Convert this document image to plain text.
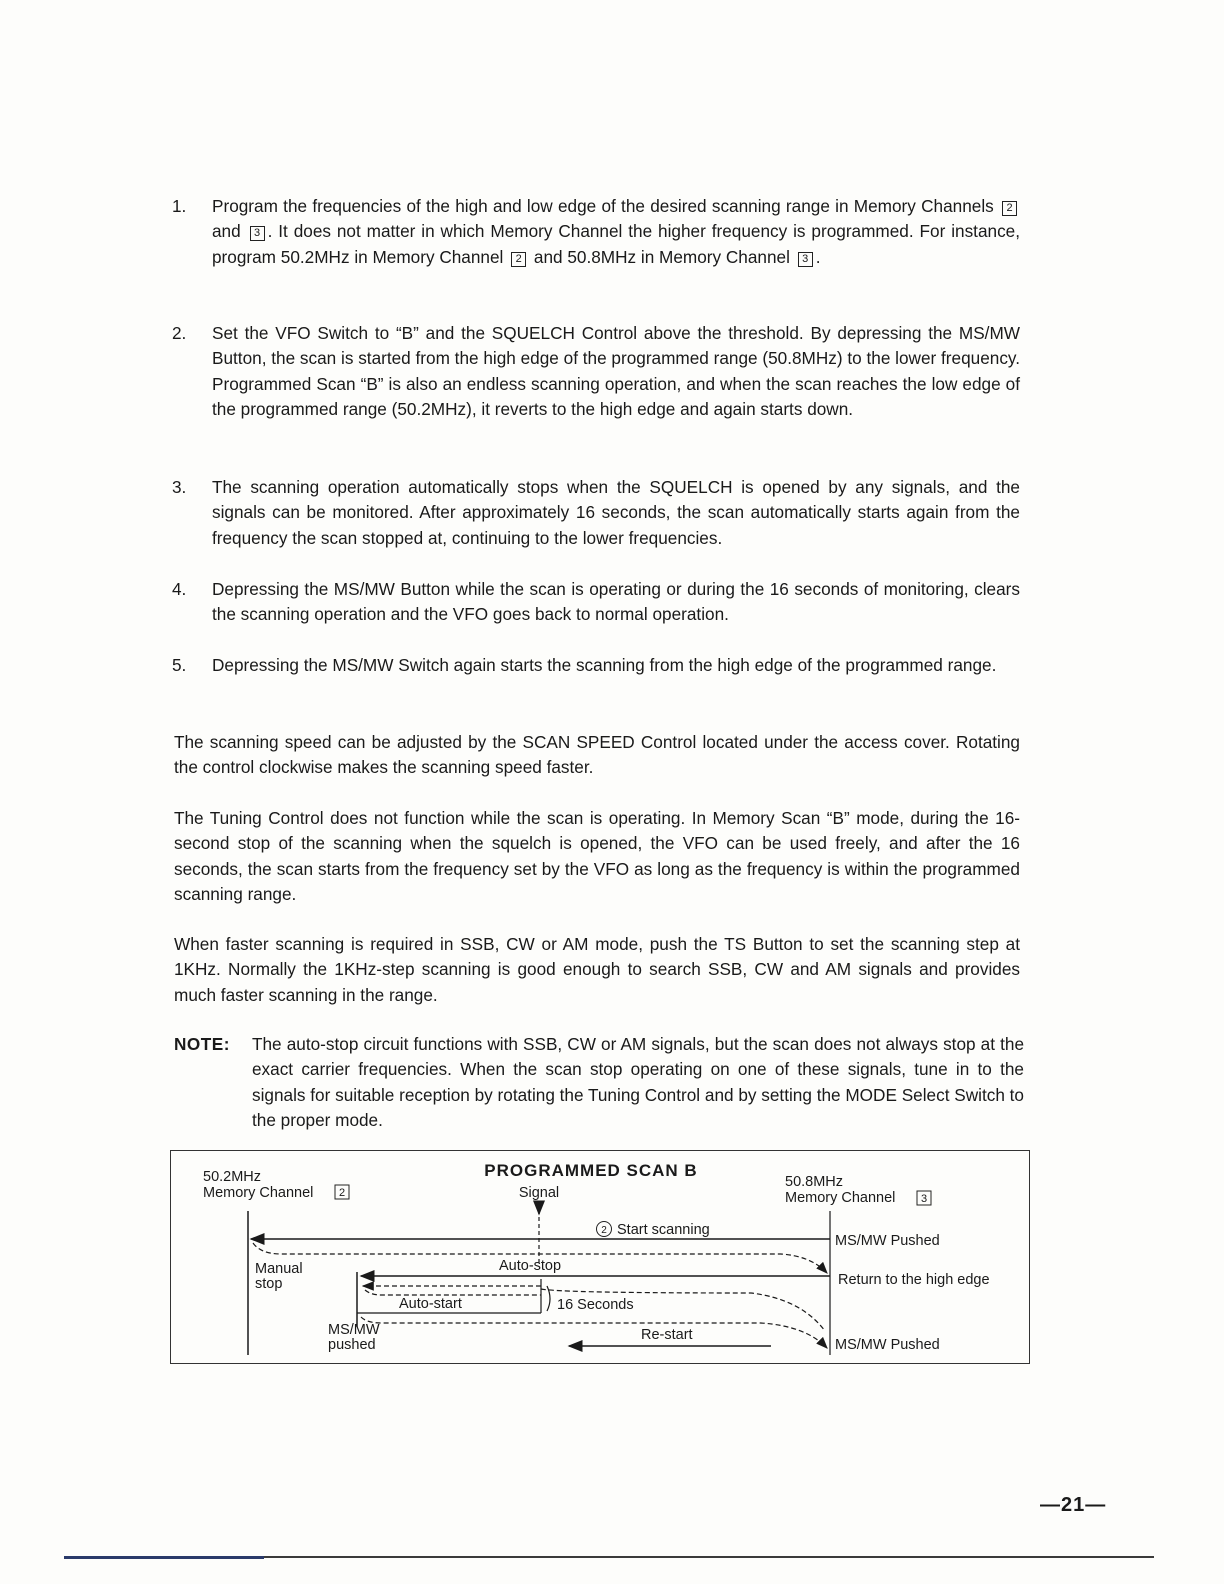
1. Program the frequencies of the high and low edge of the desired scanning range in Memory Channels 2 and 3 . It does not matter in which Memory Channel the higher frequency is programmed. For instance, program 50.2MHz in Memory Channel 2 and 50.8MHz in Memory Channel 3 .
2. Set the VFO Switch to “B” and the SQUELCH Control above the threshold. By depressing the MS/MW Button, the scan is started from the high edge of the programmed range (50.8MHz) to the lower frequency. Programmed Scan “B” is also an endless scanning operation, and when the scan reaches the low edge of the programmed range (50.2MHz), it reverts to the high edge and again starts down.
3. The scanning operation automatically stops when the SQUELCH is opened by any signals, and the signals can be monitored. After approximately 16 seconds, the scan automatically starts again from the frequency the scan stopped at, continuing to the lower frequencies.
4. Depressing the MS/MW Button while the scan is operating or during the 16 seconds of monitoring, clears the scanning operation and the VFO goes back to normal operation.
5. Depressing the MS/MW Switch again starts the scanning from the high edge of the programmed range.
The scanning speed can be adjusted by the SCAN SPEED Control located under the access cover. Rotating the control clockwise makes the scanning speed faster.
The Tuning Control does not function while the scan is operating. In Memory Scan “B” mode, during the 16-second stop of the scanning when the squelch is opened, the VFO can be used freely, and after the 16 seconds, the scan starts from the frequency set by the VFO as long as the frequency is within the programmed scanning range.
When faster scanning is required in SSB, CW or AM mode, push the TS Button to set the scanning step at 1KHz. Normally the 1KHz-step scanning is good enough to search SSB, CW and AM signals and provides much faster scanning in the range.
NOTE: The auto-stop circuit functions with SSB, CW or AM signals, but the scan does not always stop at the exact carrier frequencies. When the scan stop operating on one of these signals, tune in to the signals for suitable reception by rotating the Tuning Control and by setting the MODE Select Switch to the proper mode.
50.2MHz
Memory Channel 2
PROGRAMMED SCAN B
Signal
50.8MHz
Memory Channel 3
2 Start scanning
MS/MW Pushed
Manual
stop
Auto-stop
Return to the high edge
Auto-start	16 Seconds
MS/MW
pushed
Re-start
MS/MW Pushed
—21—
